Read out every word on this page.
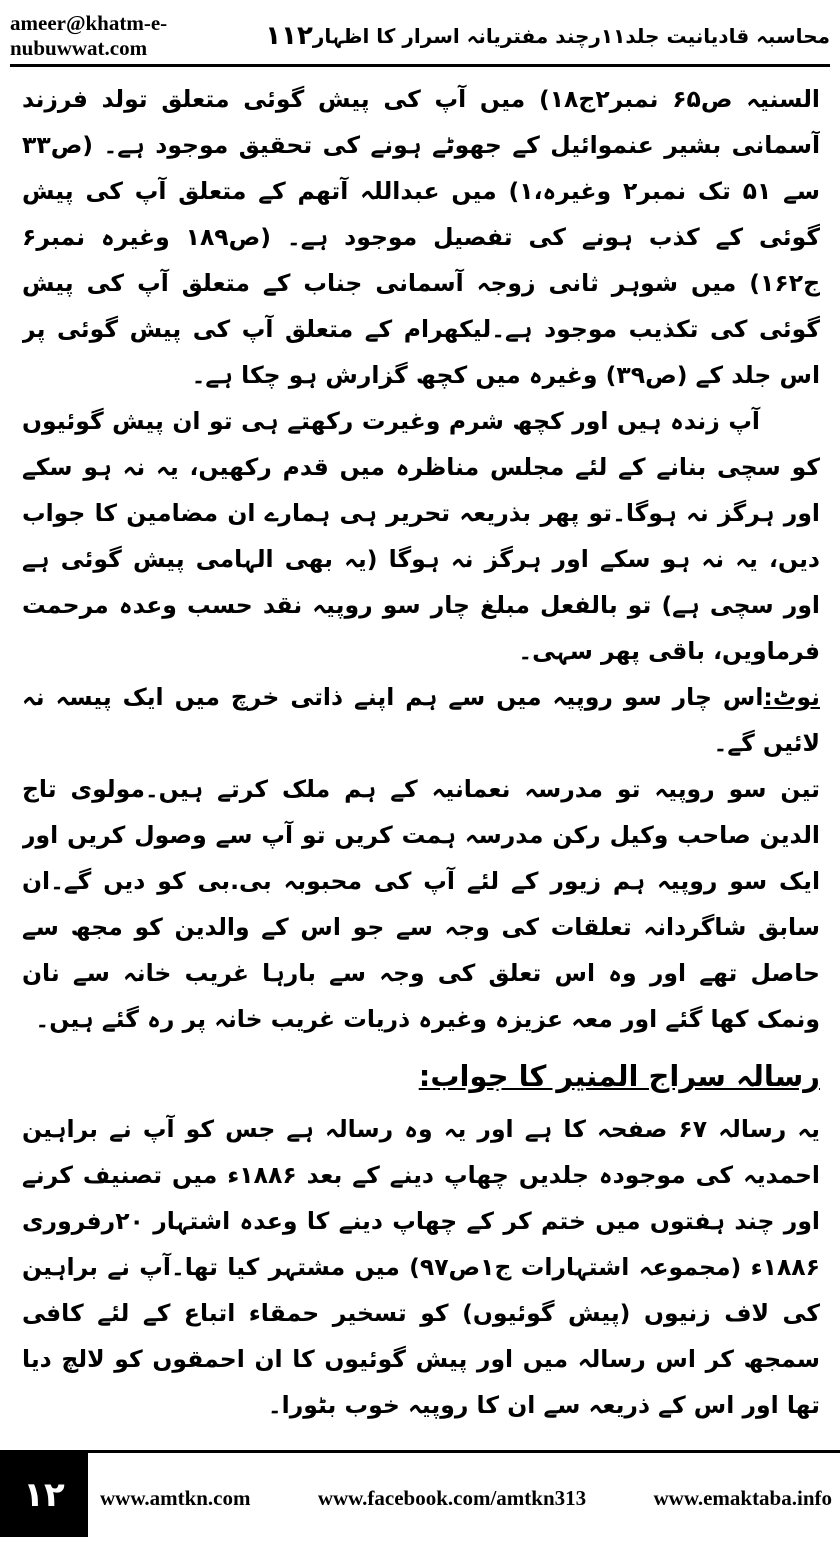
ameer@khatm-e-nubuwwat.com	۱۱۲ محاسبہ قادیانیت جلد۱۱رچند مفتریانہ اسرار کا اظہار

السنیہ ص۶۵ نمبر۲ج۱۸) میں آپ کی پیش گوئی متعلق تولد فرزند آسمانی بشیر عنموائیل کے جھوٹے ہونے کی تحقیق موجود ہے۔ (ص۳۳ سے ۵۱ تک نمبر۲ وغیرہ،۱) میں عبداللہ آتھم کے متعلق آپ کی پیش گوئی کے کذب ہونے کی تفصیل موجود ہے۔ (ص۱۸۹ وغیرہ نمبر۶ ج۱۶۲) میں شوہر ثانی زوجہ آسمانی جناب کے متعلق آپ کی پیش گوئی کی تکذیب موجود ہے۔لیکھرام کے متعلق آپ کی پیش گوئی پر اس جلد کے (ص۳۹) وغیرہ میں کچھ گزارش ہو چکا ہے۔

آپ زندہ ہیں اور کچھ شرم وغیرت رکھتے ہی تو ان پیش گوئیوں کو سچی بنانے کے لئے مجلس مناظرہ میں قدم رکھیں، یہ نہ ہو سکے اور ہرگز نہ ہوگا۔تو پھر بذریعہ تحریر ہی ہمارے ان مضامین کا جواب دیں، یہ نہ ہو سکے اور ہرگز نہ ہوگا (یہ بھی الہامی پیش گوئی ہے اور سچی ہے) تو بالفعل مبلغ چار سو روپیہ نقد حسب وعدہ مرحمت فرماویں، باقی پھر سہی۔

نوٹ:اس چار سو روپیہ میں سے ہم اپنے ذاتی خرچ میں ایک پیسہ نہ لائیں گے۔

تین سو روپیہ تو مدرسہ نعمانیہ کے ہم ملک کرتے ہیں۔مولوی تاج الدین صاحب وکیل رکن مدرسہ ہمت کریں تو آپ سے وصول کریں اور ایک سو روپیہ ہم زیور کے لئے آپ کی محبوبہ بی.بی کو دیں گے۔ان سابق شاگردانہ تعلقات کی وجہ سے جو اس کے والدین کو مجھ سے حاصل تھے اور وہ اس تعلق کی وجہ سے بارہا غریب خانہ سے نان ونمک کھا گئے اور معہ عزیزہ وغیرہ ذریات غریب خانہ پر رہ گئے ہیں۔

رسالہ سراج المنیر کا جواب:

یہ رسالہ ۶۷ صفحہ کا ہے اور یہ وہ رسالہ ہے جس کو آپ نے براہین احمدیہ کی موجودہ جلدیں چھاپ دینے کے بعد ۱۸۸۶ء میں تصنیف کرنے اور چند ہفتوں میں ختم کر کے چھاپ دینے کا وعدہ اشتہار ۲۰رفروری ۱۸۸۶ء (مجموعہ اشتہارات ج۱ص۹۷) میں مشتہر کیا تھا۔آپ نے براہین کی لاف زنیوں (پیش گوئیوں) کو تسخیر حمقاء اتباع کے لئے کافی سمجھ کر اس رسالہ میں اور پیش گوئیوں کا ان احمقوں کو لالچ دیا تھا اور اس کے ذریعہ سے ان کا روپیہ خوب بٹورا۔

۱۲	www.amtkn.com	www.facebook.com/amtkn313	www.emaktaba.info
